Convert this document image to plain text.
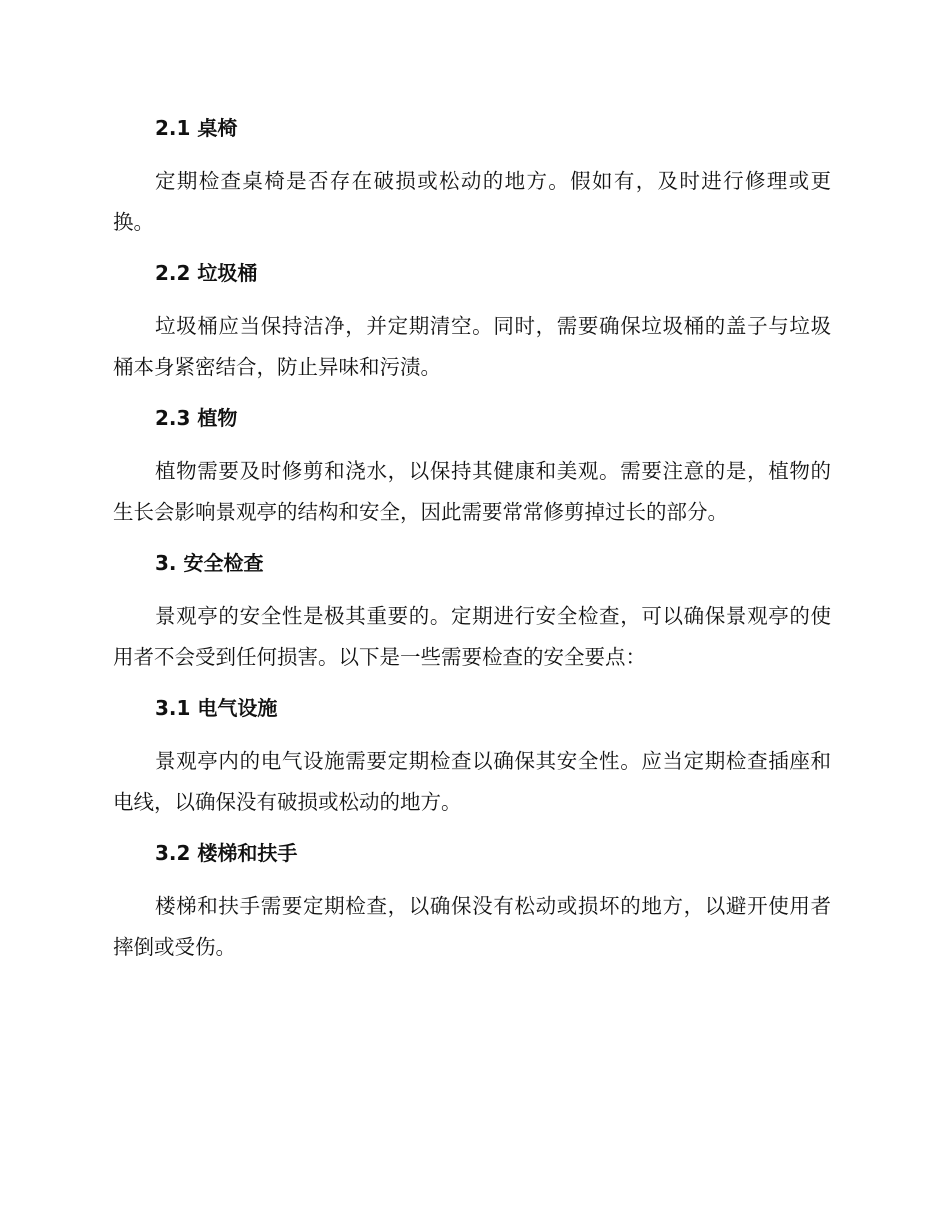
2.1 桌椅

定期检查桌椅是否存在破损或松动的地方。假如有，及时进行修理或更换。

2.2 垃圾桶

垃圾桶应当保持洁净，并定期清空。同时，需要确保垃圾桶的盖子与垃圾桶本身紧密结合，防止异味和污渍。

2.3 植物

植物需要及时修剪和浇水，以保持其健康和美观。需要注意的是，植物的生长会影响景观亭的结构和安全，因此需要常常修剪掉过长的部分。

3. 安全检查

景观亭的安全性是极其重要的。定期进行安全检查，可以确保景观亭的使用者不会受到任何损害。以下是一些需要检查的安全要点：

3.1 电气设施

景观亭内的电气设施需要定期检查以确保其安全性。应当定期检查插座和电线，以确保没有破损或松动的地方。

3.2 楼梯和扶手

楼梯和扶手需要定期检查，以确保没有松动或损坏的地方，以避开使用者摔倒或受伤。
